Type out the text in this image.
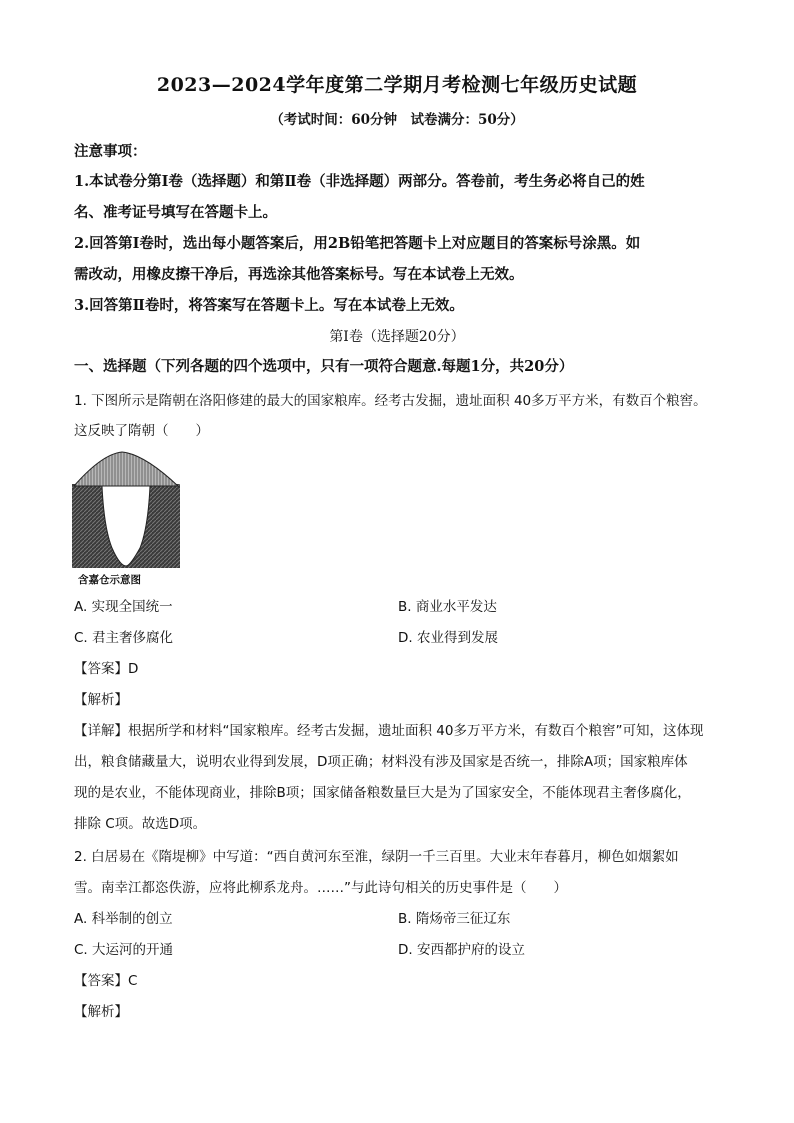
2023—2024学年度第二学期月考检测七年级历史试题
（考试时间：60分钟　试卷满分：50分）
注意事项：
1.本试卷分第Ⅰ卷（选择题）和第Ⅱ卷（非选择题）两部分。答卷前，考生务必将自己的姓
名、准考证号填写在答题卡上。
2.回答第Ⅰ卷时，选出每小题答案后，用2B铅笔把答题卡上对应题目的答案标号涂黑。如
需改动，用橡皮擦干净后，再选涂其他答案标号。写在本试卷上无效。
3.回答第Ⅱ卷时，将答案写在答题卡上。写在本试卷上无效。
第Ⅰ卷（选择题20分）
一、选择题（下列各题的四个选项中，只有一项符合题意.每题1分，共20分）
1. 下图所示是隋朝在洛阳修建的最大的国家粮库。经考古发掘，遗址面积 40多万平方米，有数百个粮窖。
这反映了隋朝（　　）
含嘉仓示意图
A. 实现全国统一	B. 商业水平发达
C. 君主奢侈腐化	D. 农业得到发展
【答案】D
【解析】
【详解】根据所学和材料“国家粮库。经考古发掘，遗址面积 40多万平方米，有数百个粮窖”可知，这体现
出，粮食储藏量大，说明农业得到发展，D项正确；材料没有涉及国家是否统一，排除A项；国家粮库体
现的是农业，不能体现商业，排除B项；国家储备粮数量巨大是为了国家安全，不能体现君主奢侈腐化，
排除 C项。故选D项。
2. 白居易在《隋堤柳》中写道：“西自黄河东至淮，绿阴一千三百里。大业末年春暮月，柳色如烟絮如
雪。南幸江都恣佚游，应将此柳系龙舟。……”与此诗句相关的历史事件是（　　）
A. 科举制的创立	B. 隋炀帝三征辽东
C. 大运河的开通	D. 安西都护府的设立
【答案】C
【解析】
